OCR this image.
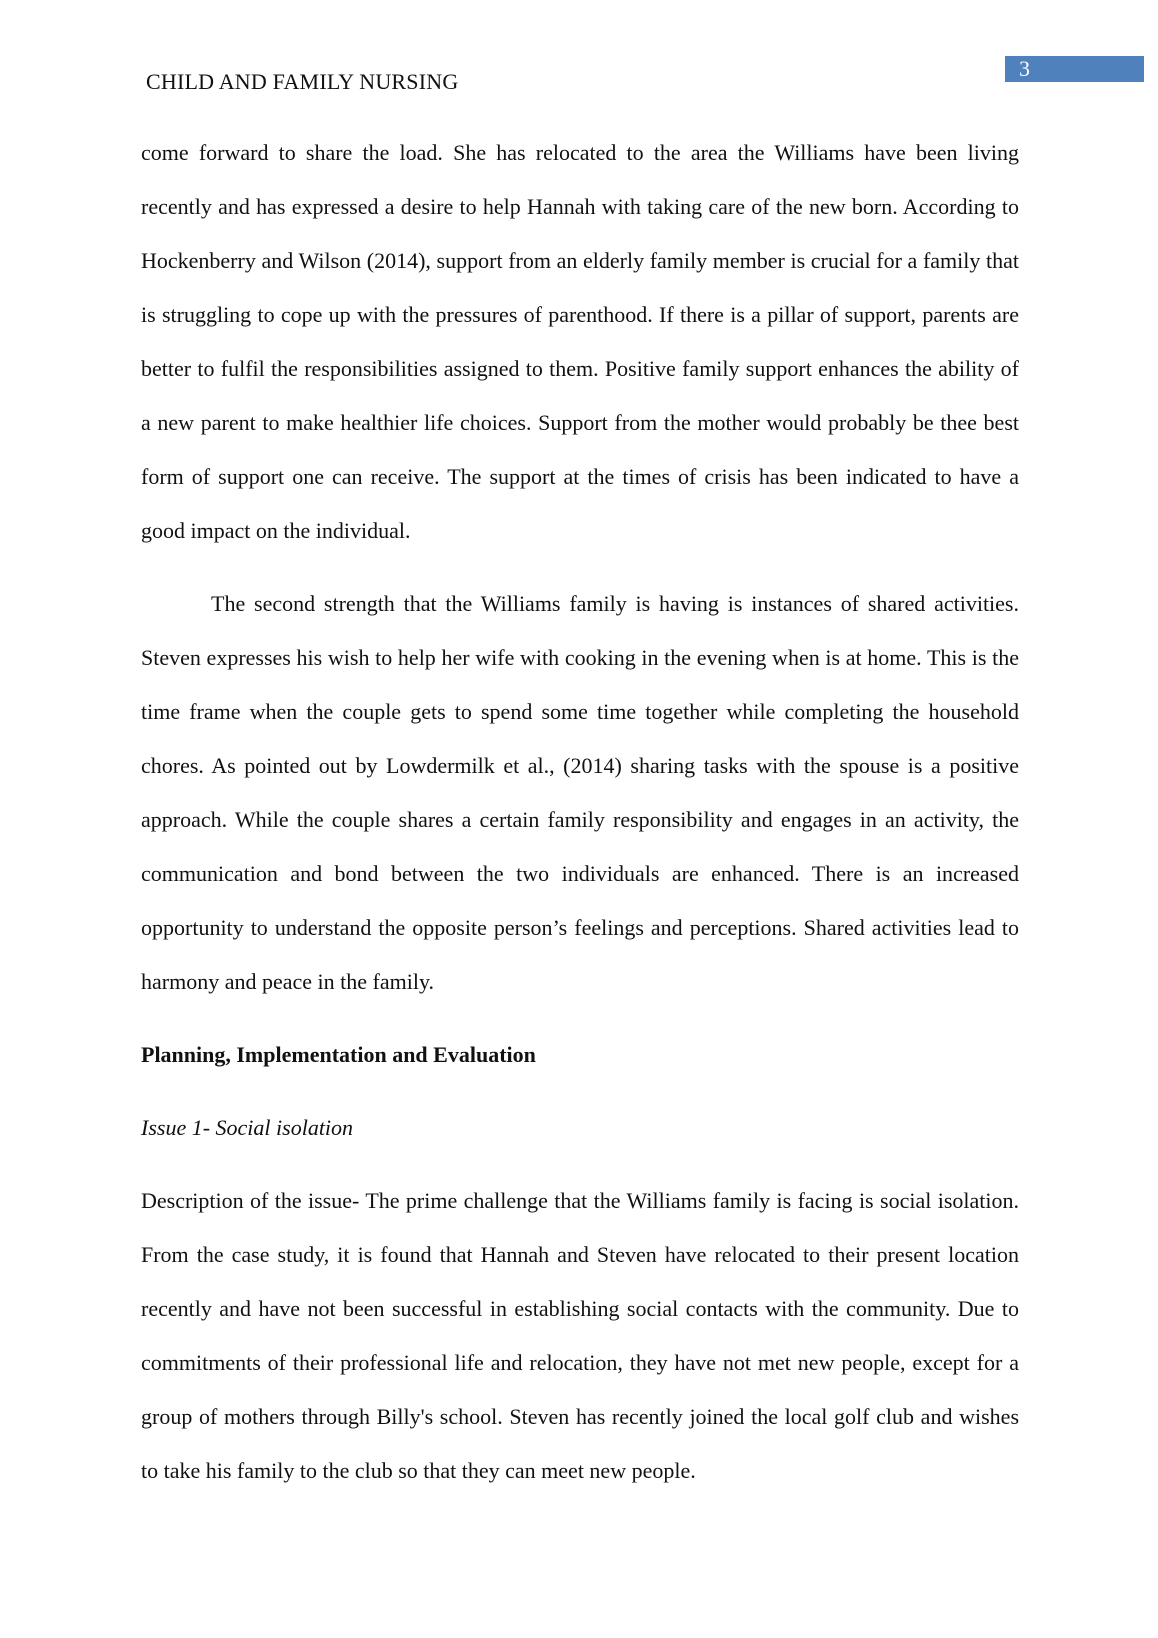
CHILD AND FAMILY NURSING
3

come forward to share the load. She has relocated to the area the Williams have been living recently and has expressed a desire to help Hannah with taking care of the new born. According to Hockenberry and Wilson (2014), support from an elderly family member is crucial for a family that is struggling to cope up with the pressures of parenthood. If there is a pillar of support, parents are better to fulfil the responsibilities assigned to them. Positive family support enhances the ability of a new parent to make healthier life choices. Support from the mother would probably be thee best form of support one can receive. The support at the times of crisis has been indicated to have a good impact on the individual.

The second strength that the Williams family is having is instances of shared activities. Steven expresses his wish to help her wife with cooking in the evening when is at home. This is the time frame when the couple gets to spend some time together while completing the household chores. As pointed out by Lowdermilk et al., (2014) sharing tasks with the spouse is a positive approach. While the couple shares a certain family responsibility and engages in an activity, the communication and bond between the two individuals are enhanced. There is an increased opportunity to understand the opposite person’s feelings and perceptions. Shared activities lead to harmony and peace in the family.

Planning, Implementation and Evaluation

Issue 1- Social isolation

Description of the issue- The prime challenge that the Williams family is facing is social isolation. From the case study, it is found that Hannah and Steven have relocated to their present location recently and have not been successful in establishing social contacts with the community. Due to commitments of their professional life and relocation, they have not met new people, except for a group of mothers through Billy's school. Steven has recently joined the local golf club and wishes to take his family to the club so that they can meet new people.
